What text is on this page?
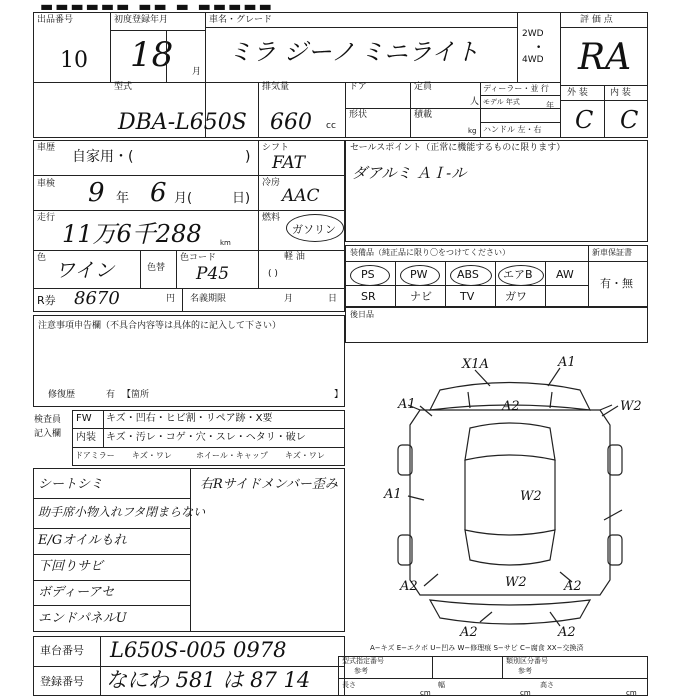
▬▬▬▬▬▬ ▬▬ ▬ ▬▬▬▬▬
出品番号
10
初度登録年月
18 月
車名・グレード
ミラ ジーノ ミニライト
2WD
•
4WD
評 価 点
RA
外 装 内 装
C C
型式
DBA-L650S
排気量
660 cc
ドア	定員
人
形状	積載
kg
ディーラー・並 行
モデル 年式	年
ハンドル 左・右
車歴
自家用・(	)
シフト
FAT
車検 9 年 6 月(	日)
冷房
AAC
走行
11万6千288	km
燃料
ガソリン
軽 油
( )
色 ワイン	色替
色コード
P45
R券 8670	円 名義期限	月	日
セールスポイント（正常に機能するものに限ります）
ダアルミ ＡＩ-ル
装備品（純正品に限り〇をつけてください）	新車保証書
有・無
PS	PW	ABS エアB AW
SR	ナビ	TV	ガワ
後日品
注意事項申告欄（不具合内容等は具体的に記入して下さい）
修復歴	有 【箇所	】
検査員
記入欄
FW キズ・凹右・ヒビ割・リペア跡・X要
内装 キズ・汚レ・コゲ・穴・スレ・ヘタリ・破レ
ドアミラー キズ・ワレ	ホイール・キャップ キズ・ワレ
シートシミ
助手席小物入れフタ閉まらない
E/Gオイルもれ
下回りサビ
ボディーアセ
エンドパネルU
右Rサイドメンバー歪み
X1A	A1
A1	A2	W2
A1	W2
W2
A2	A2
A2	A2
A−キズ E−エクボ U−凹み W−修理痕 S−サビ C−腐食 XX−交換済
車台番号 L650S-005 0978
登録番号 なにわ 581 は 87 14
型式指定番号
参考
類別区分番号
参考
長さ
cm
幅
cm
高さ
cm
